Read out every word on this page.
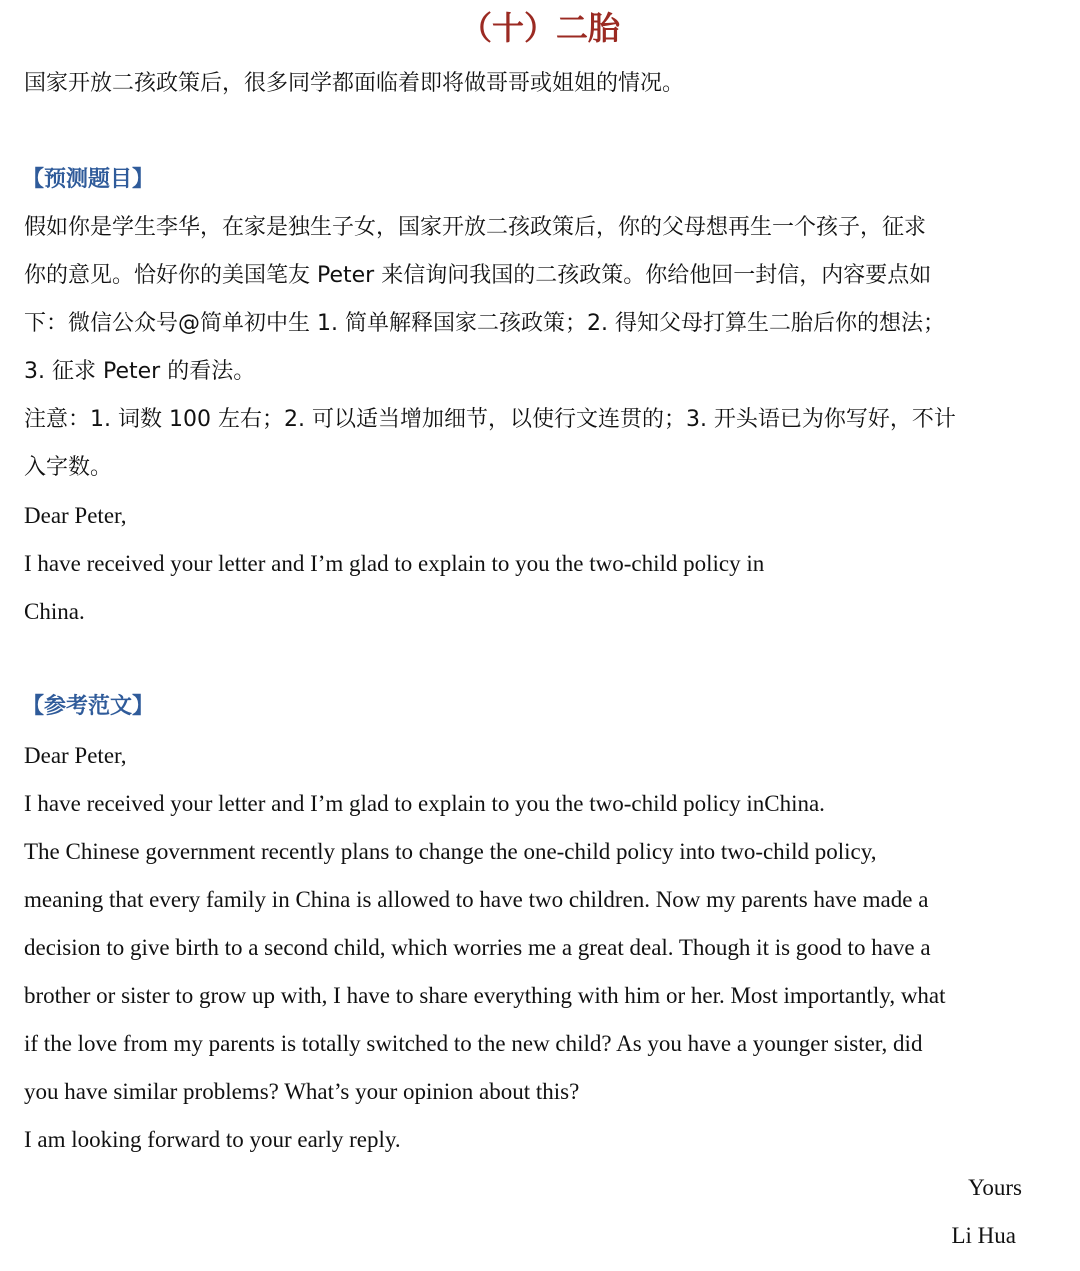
（十）二胎
国家开放二孩政策后，很多同学都面临着即将做哥哥或姐姐的情况。
【预测题目】
假如你是学生李华，在家是独生子女，国家开放二孩政策后，你的父母想再生一个孩子，征求
你的意见。恰好你的美国笔友 Peter 来信询问我国的二孩政策。你给他回一封信，内容要点如
下：微信公众号@简单初中生 1. 简单解释国家二孩政策；2. 得知父母打算生二胎后你的想法；
3. 征求 Peter 的看法。
注意：1. 词数 100 左右；2. 可以适当增加细节，以使行文连贯的；3. 开头语已为你写好，不计
入字数。
Dear Peter,
I have received your letter and I’m glad to explain to you the two-child policy in
China.
【参考范文】
Dear Peter,
I have received your letter and I’m glad to explain to you the two-child policy inChina.
The Chinese government recently plans to change the one-child policy into two-child policy,
meaning that every family in China is allowed to have two children. Now my parents have made a
decision to give birth to a second child, which worries me a great deal. Though it is good to have a
brother or sister to grow up with, I have to share everything with him or her. Most importantly, what
if the love from my parents is totally switched to the new child? As you have a younger sister, did
you have similar problems? What’s your opinion about this?
I am looking forward to your early reply.
Yours
Li Hua
